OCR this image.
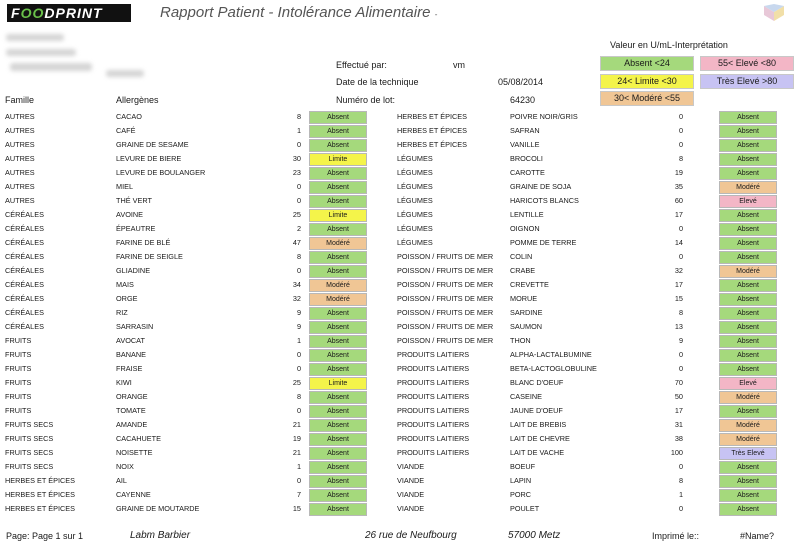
FOODPRINT	Rapport Patient - Intolérance Alimentaire -
Effectué par:	vm
Date de la technique	05/08/2014
Numéro de lot:	64230
Valeur en U/mL-Interprétation
Absent <24	55< Elevé <80
24< Limite <30	Très Elevé >80
30< Modéré <55
Famille	Allergènes
AUTRES	CACAO	8	Absent		HERBES ET ÉPICES	POIVRE NOIR/GRIS	0	Absent

AUTRES	CAFÉ	1	Absent		HERBES ET ÉPICES	SAFRAN	0	Absent

AUTRES	GRAINE DE SESAME	0	Absent		HERBES ET ÉPICES	VANILLE	0	Absent

AUTRES	LEVURE DE BIERE	30	Limite		LÉGUMES	BROCOLI	8	Absent

AUTRES	LEVURE DE BOULANGER	23	Absent		LÉGUMES	CAROTTE	19	Absent

AUTRES	MIEL	0	Absent		LÉGUMES	GRAINE DE SOJA	35	Modéré

AUTRES	THÉ VERT	0	Absent		LÉGUMES	HARICOTS BLANCS	60	Elevé

CÉRÉALES	AVOINE	25	Limite		LÉGUMES	LENTILLE	17	Absent

CÉRÉALES	ÉPEAUTRE	2	Absent		LÉGUMES	OIGNON	0	Absent

CÉRÉALES	FARINE DE BLÉ	47	Modéré		LÉGUMES	POMME DE TERRE	14	Absent

CÉRÉALES	FARINE DE SEIGLE	8	Absent		POISSON / FRUITS DE MER	COLIN	0	Absent

CÉRÉALES	GLIADINE	0	Absent		POISSON / FRUITS DE MER	CRABE	32	Modéré

CÉRÉALES	MAIS	34	Modéré		POISSON / FRUITS DE MER	CREVETTE	17	Absent

CÉRÉALES	ORGE	32	Modéré		POISSON / FRUITS DE MER	MORUE	15	Absent

CÉRÉALES	RIZ	9	Absent		POISSON / FRUITS DE MER	SARDINE	8	Absent

CÉRÉALES	SARRASIN	9	Absent		POISSON / FRUITS DE MER	SAUMON	13	Absent

FRUITS	AVOCAT	1	Absent		POISSON / FRUITS DE MER	THON	9	Absent

FRUITS	BANANE	0	Absent		PRODUITS LAITIERS	ALPHA-LACTALBUMINE	0	Absent

FRUITS	FRAISE	0	Absent		PRODUITS LAITIERS	BETA-LACTOGLOBULINE	0	Absent

FRUITS	KIWI	25	Limite		PRODUITS LAITIERS	BLANC D'OEUF	70	Elevé

FRUITS	ORANGE	8	Absent		PRODUITS LAITIERS	CASEINE	50	Modéré

FRUITS	TOMATE	0	Absent		PRODUITS LAITIERS	JAUNE D'OEUF	17	Absent

FRUITS SECS	AMANDE	21	Absent		PRODUITS LAITIERS	LAIT DE BREBIS	31	Modéré

FRUITS SECS	CACAHUETE	19	Absent		PRODUITS LAITIERS	LAIT DE CHEVRE	38	Modéré

FRUITS SECS	NOISETTE	21	Absent		PRODUITS LAITIERS	LAIT DE VACHE	100	Très Elevé

FRUITS SECS	NOIX	1	Absent		VIANDE	BOEUF	0	Absent

HERBES ET ÉPICES	AIL	0	Absent		VIANDE	LAPIN	8	Absent

HERBES ET ÉPICES	CAYENNE	7	Absent		VIANDE	PORC	1	Absent

HERBES ET ÉPICES	GRAINE DE MOUTARDE	15	Absent		VIANDE	POULET	0	Absent
Page: Page 1 sur 1	Labm Barbier	26 rue de Neufbourg	57000 Metz	Imprimé le::	#Name?
